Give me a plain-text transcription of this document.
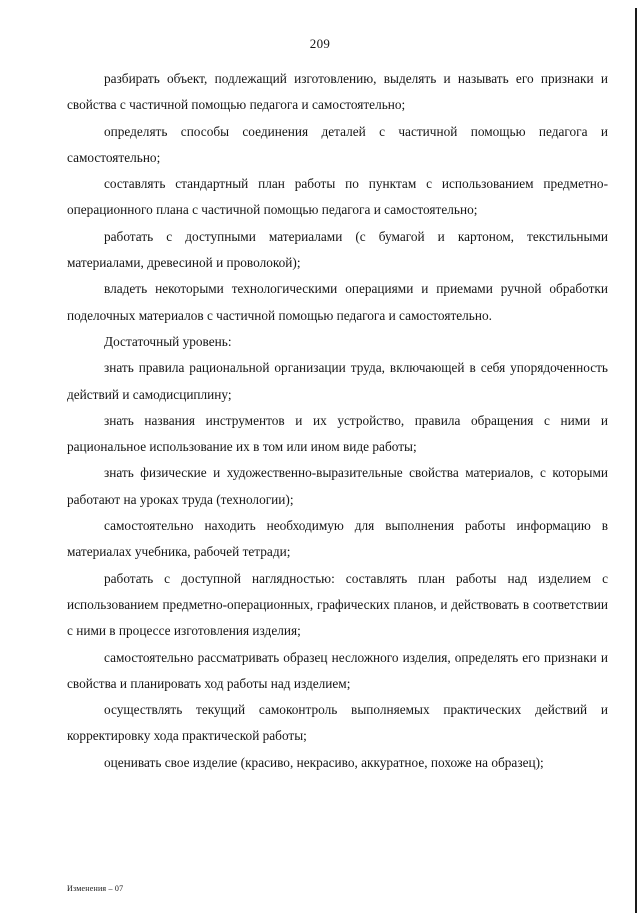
209

разбирать объект, подлежащий изготовлению, выделять и называть его признаки и свойства с частичной помощью педагога и самостоятельно;

определять способы соединения деталей с частичной помощью педагога и самостоятельно;

составлять стандартный план работы по пунктам с использованием предметно-операционного плана с частичной помощью педагога и самостоятельно;

работать с доступными материалами (с бумагой и картоном, текстильными материалами, древесиной и проволокой);

владеть некоторыми технологическими операциями и приемами ручной обработки поделочных материалов с частичной помощью педагога и самостоятельно.

Достаточный уровень:

знать правила рациональной организации труда, включающей в себя упорядоченность действий и самодисциплину;

знать названия инструментов и их устройство, правила обращения с ними и рациональное использование их в том или ином виде работы;

знать физические и художественно-выразительные свойства материалов, с которыми работают на уроках труда (технологии);

самостоятельно находить необходимую для выполнения работы информацию в материалах учебника, рабочей тетради;

работать с доступной наглядностью: составлять план работы над изделием с использованием предметно-операционных, графических планов, и действовать в соответствии с ними в процессе изготовления изделия;

самостоятельно рассматривать образец несложного изделия, определять его признаки и свойства и планировать ход работы над изделием;

осуществлять текущий самоконтроль выполняемых практических действий и корректировку хода практической работы;

оценивать свое изделие (красиво, некрасиво, аккуратное, похоже на образец);

Изменения – 07
